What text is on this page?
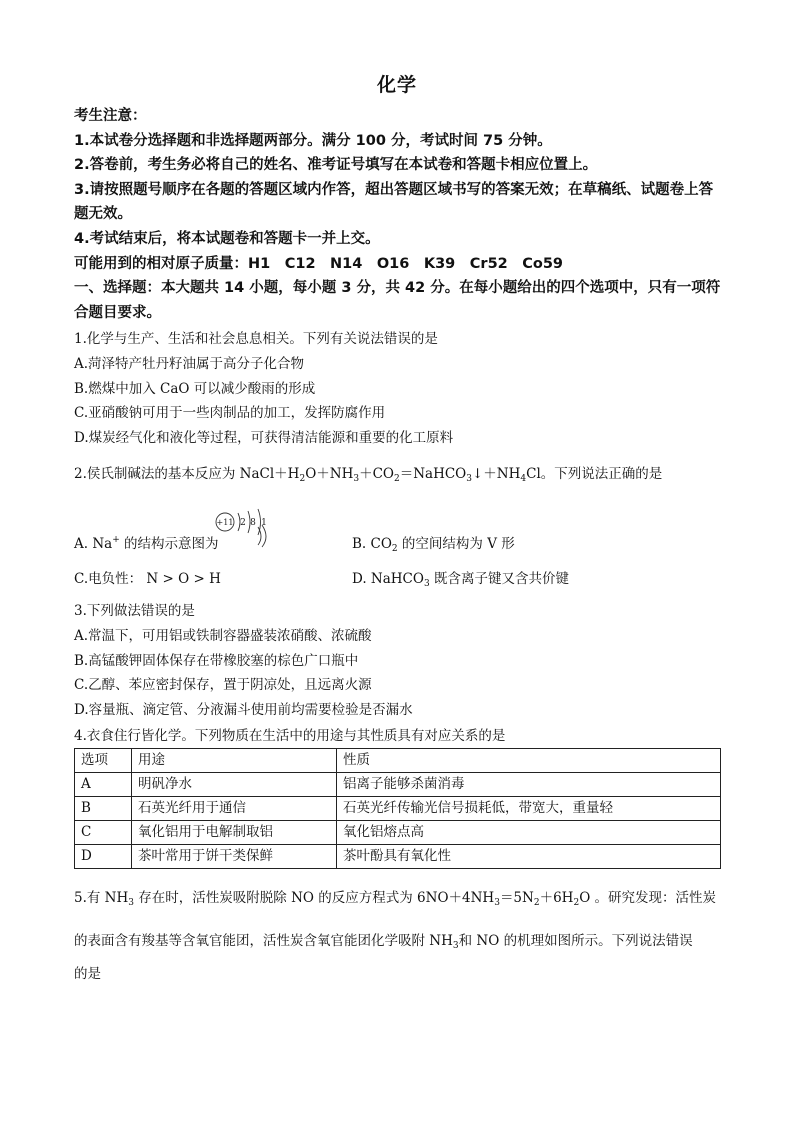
化学
考生注意：
1.本试卷分选择题和非选择题两部分。满分 100 分，考试时间 75 分钟。
2.答卷前，考生务必将自己的姓名、准考证号填写在本试卷和答题卡相应位置上。
3.请按照题号顺序在各题的答题区域内作答，超出答题区域书写的答案无效；在草稿纸、试题卷上答题无效。
4.考试结束后，将本试题卷和答题卡一并上交。
可能用到的相对原子质量：H1　C12　N14　O16　K39　Cr52　Co59
一、选择题：本大题共 14 小题，每小题 3 分，共 42 分。在每小题给出的四个选项中，只有一项符合题目要求。
1.化学与生产、生活和社会息息相关。下列有关说法错误的是
A.菏泽特产牡丹籽油属于高分子化合物
B.燃煤中加入 CaO 可以减少酸雨的形成
C.亚硝酸钠可用于一些肉制品的加工，发挥防腐作用
D.煤炭经气化和液化等过程，可获得清洁能源和重要的化工原料
2.侯氏制碱法的基本反应为 $NaCl+H_2O+NH_3+CO_2=NaHCO_3↓+NH_4Cl$。下列说法正确的是
+11 2 8 1
A. Na+ 的结构示意图为	B. $CO_2$ 的空间结构为 V 形
C.电负性： N > O > H	D. NaHCO$_3$ 既含离子键又含共价键
3.下列做法错误的是
A.常温下，可用铝或铁制容器盛装浓硝酸、浓硫酸
B.高锰酸钾固体保存在带橡胶塞的棕色广口瓶中
C.乙醇、苯应密封保存，置于阴凉处，且远离火源
D.容量瓶、滴定管、分液漏斗使用前均需要检验是否漏水
4.衣食住行皆化学。下列物质在生活中的用途与其性质具有对应关系的是
选项	用途	性质
A	明矾净水	铝离子能够杀菌消毒
B	石英光纤用于通信	石英光纤传输光信号损耗低，带宽大，重量轻
C	氧化铝用于电解制取铝	氧化铝熔点高
D	茶叶常用于饼干类保鲜	茶叶酚具有氧化性
5.有 $NH_3$ 存在时，活性炭吸附脱除 NO 的反应方程式为 $6NO+4NH_3=5N_2+6H_2O$ 。研究发现：活性炭
的表面含有羧基等含氧官能团，活性炭含氧官能团化学吸附 $NH_3$和 NO 的机理如图所示。下列说法错误
的是
